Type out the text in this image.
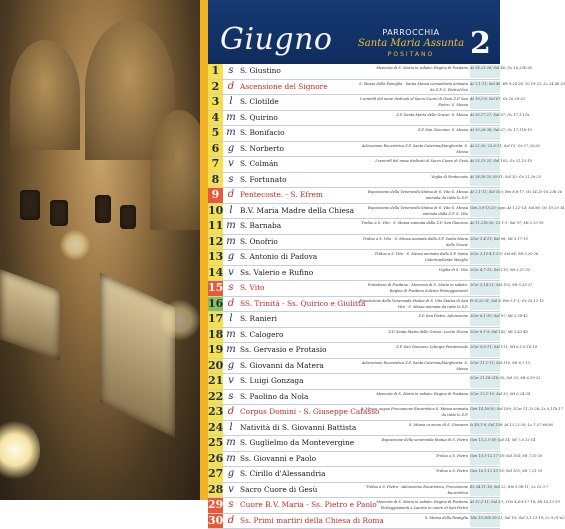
Giugno	PARROCCHIA
Santa Maria Assunta
POSITANO	2
1 s S. Giustino	Memoria di S. Maria in sabato: Regina di Positano At 18,23-28; Sal 46; Gv 16,23b-28
2 d Ascensione del Signore	S. Messa della Famiglia - Santa Messa comunitaria animata da Z.P. S. Pietro/Vico
At 1,1-11; Sal 46; Eb 9,24-28; 10,19-23; Lc 24,46-53
3	l	S. Clotilde	I venerdì del mese dedicati al Sacro Cuore di Gesù Z.P. San Pietro: S. Messa
At 19,1-8; Sal 67; Gv 16,29-33
4 m S. Quirino	Z.P. Santa Maria delle Grazie: S. Messa At 20,17-27; Sal 67; Gv 17,1-11a
5 m S. Bonifacio	Z.P. San Giacomo: S. Messa At 20,28-38; Sal 67; Gv 17,11b-19
6 g S. Norberto	Adorazione Eucaristica Z.P. Santa Caterina/Margherita: S. Messa
At 22,30; 23,6-11; Sal 15; Gv 17,20-26
7 v S. Colmán	I venerdì del mese dedicati al Sacro Cuore di Gesù At 25,13-21; Sal 102; Gv 21,15-19
8 s S. Fortunato	Veglia di Pentecoste At 28,16-20.30-31; Sal 10; Gv 21,20-25
9 d Pentecoste. - S. Efrem	Esposizione della Veneranda Statua di S. Vito S. Messa animata da tutte le Z.P.
At 2,1-11; Sal 103; Rm 8,8-17; Gv 14,15-16.23b-26
10 l	B.V. Maria Madre della Chiesa	Esposizione della Veneranda Statua di S. Vito S. Messa animata dalla Z.P. S. Vito
Gen 3,9-15.20; opp. At 1,12-14; Sal 86; Gv 19,25-34
11 m S. Barnaba	Triduo a S. Vito - S. Messa animata dalla Z.P. San Giacomo At 11,21b-26; 13,1-3; Sal 97; Mt 5,13-16
12 m S. Onofrio	Triduo a S. Vito - S. Messa animata dalla Z.P. Santa Maria delle Grazie
2Cor 3,4-11; Sal 98; Mt 5,17-19
13 g S. Antonio di Padova	Triduo a S. Vito - S. Messa animata dalla Z.P. Santa Caterina/Santa Marghe
2Cor 3,15-4,1.3-6; Sal 84; Mt 5,20-26
14 v Ss. Valerio e Rufino	Vigilia di S. Vito 2Cor 4,7-15; Sal 115; Mt 5,27-32
15 s S. Vito	Protettore di Positano - Memoria di S. Maria in sabato: Regina di Positano Solenni Festeggiamenti
2Cor 5,14-21; Sal 102; Mt 5,33-37
16 d SS. Trinità - Ss. Quirico e Giulitta
Esposizione della Veneranda Statua di S. Vito Statua di San Vito - S. Messa animata da tutte le Z.P.
Pr 8,22-31; Sal 8; Rm 5,1-5; Gv 16,12-15
17 l	S. Ranieri	Z.P. San Pietro: Adorazione 2Cor 6,1-10; Sal 97; Mt 5,38-42
18 m S. Calogero	Z.P. Santa Maria delle Grazie: Lectio Divina 2Cor 8,1-9; Sal 145; Mt 5,43-48
19 m Ss. Gervasio e Protasio	Z.P. San Giacomo: Liturgia Penitenziale 2Cor 9,6-11; Sal 111; Mt 6,1-6.16-18
20 g S. Giovanni da Matera	Adorazione Eucaristica Z.P. Santa Caterina/Margherita: S. Messa
2Cor 11,1-11; Sal 110; Mt 6,7-15
21 v S. Luigi Gonzaga	2Cor 11,18.21b-30; Sal 33; Mt 6,19-23
22 s S. Paolino da Nola	Memoria di S. Maria in sabato: Regina di Positano 2Cor 12,1-10; Sal 33; Mt 6,24-34
23 d Corpus Domini - S. Giuseppe Cafasso
S. Messa, segue Processione Eucaristica S. Messa animata da tutte le Z.P.
Gen 14,18-20; Sal 109; 1Cor 11,23-26; Lc 9,11b-17
24 l	Natività di S. Giovanni Battista	S. Messa in onore di S. Giovanni Is 49,1-6; Sal 138; At 13,22-26; Lc 1,57-66.80
25 m S. Guglielmo da Montevergine	Esposizione della veneranda Statua di S. Pietro Gen 13,2.5-18; Sal 14; Mt 7,6.12-14
26 m Ss. Giovanni e Paolo	Triduo a S. Pietro Gen 15,1-12.17-18; Sal 104; Mt 7,15-20
27 g S. Cirillo d'Alessandria	Triduo a S. Pietro Gen 16,1-12.15-16; Sal 105; Mt 7,21-29
28 v Sacro Cuore di Gesù	Triduo a S. Pietro - Adorazione Eucaristica, Processione Eucaristica
Ez 34,11-16; Sal 22; Rm 5,5b-11; Lc 15,3-7
29 s Cuore B.V. Maria - Ss. Pietro e Paolo Memoria di S. Maria in sabato: Regina di Positano Festeggiamenti a Laurito in onore di San Pietro
At 12,1-11; Sal 33; 2Tm 4,6-8.17-18; Mt 16,13-19
30 d Ss. Primi martiri della Chiesa di Roma	S. Messa della Famiglia 1Re 19,16b.19-21; Sal 15; Gal 5,1.13-18; Lc 9,51-62
